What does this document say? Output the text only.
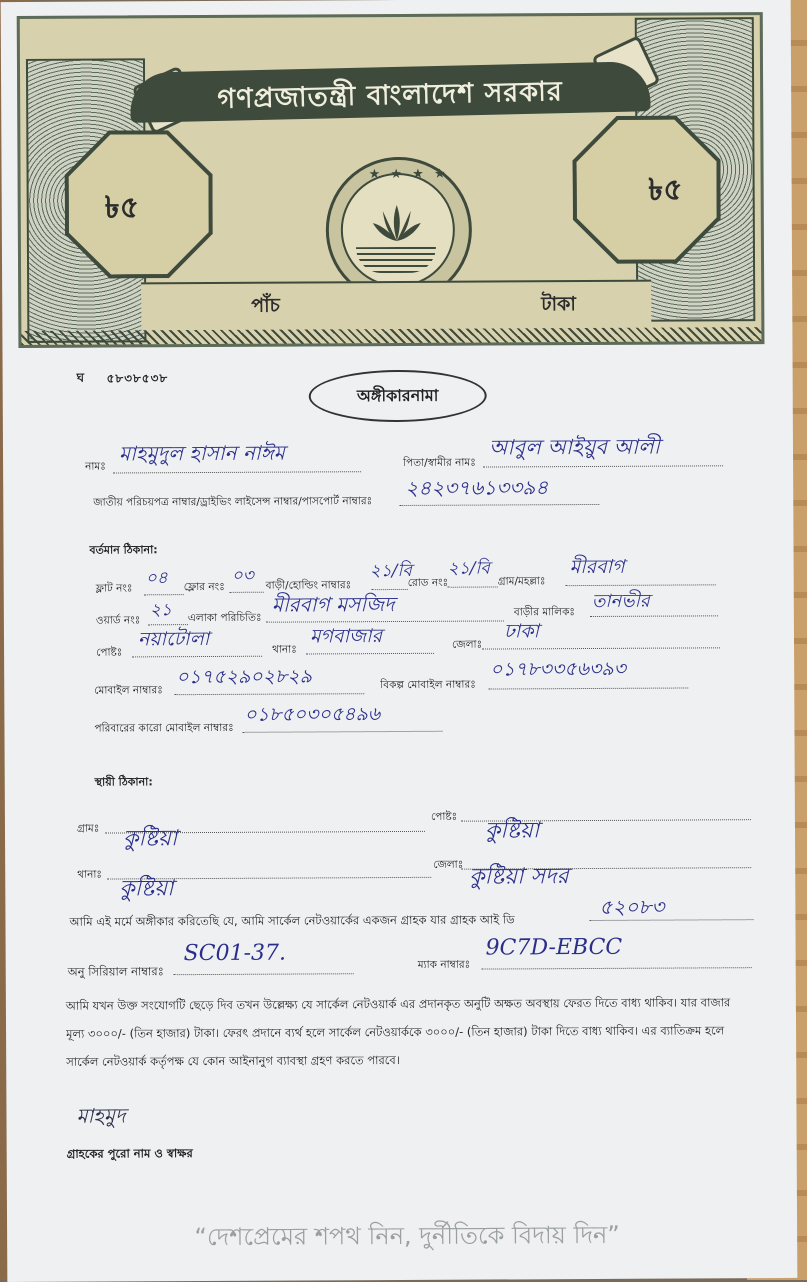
৳৫
৳৫
গণপ্রজাতন্ত্রী বাংলাদেশ সরকার
★ ★ ★ ★
পাঁচ	টাকা
ঘ ৫৮৩৮৫৩৮
অঙ্গীকারনামা
নামঃ
মাহমুদুল হাসান নাঈম	পিতা/স্বামীর নামঃ
আবুল আইয়ুব আলী
জাতীয় পরিচয়পত্র নাম্বার/ড্রাইভিং লাইসেন্স নাম্বার/পাসপোর্ট নাম্বারঃ
২৪২৩৭৬১৩৩৯৪
বর্তমান ঠিকানা:
ফ্লাট নংঃ
০৪ ফ্লোর নংঃ
০৩ বাড়ী/হোল্ডিং নাম্বারঃ
২১/বি
রোড নংঃ
২১/বি
গ্রাম/মহল্লাঃ
মীরবাগ
ওয়ার্ড নংঃ
২১ এলাকা পরিচিতিঃ
মীরবাগ মসজিদ	বাড়ীর মালিকঃ
তানভীর
পোষ্টঃ
নয়াটোলা	থানাঃ
মগবাজার	জেলাঃ
ঢাকা
মোবাইল নাম্বারঃ
০১৭৫২৯০২৮২৯	বিকল্প মোবাইল নাম্বারঃ
০১৭৮৩৩৫৬৩৯৩
পরিবারের কারো মোবাইল নাম্বারঃ
০১৮৫০৩০৫৪৯৬
স্থায়ী ঠিকানা:
গ্রামঃ কুষ্টিয়া
পোষ্টঃ
কুষ্টিয়া
থানাঃ
কুষ্টিয়া
জেলাঃ কুষ্টিয়া সদর
আমি এই মর্মে অঙ্গীকার করিতেছি যে, আমি সার্কেল নেটওয়ার্কের একজন গ্রাহক যার গ্রাহক আই ডি
৫২০৮৩
অনু সিরিয়াল নাম্বারঃ
SC01-37.	ম্যাক নাম্বারঃ
9C7D-EBCC
আমি যখন উক্ত সংযোগটি ছেড়ে দিব তখন উল্লেক্ষ্য যে সার্কেল নেটওয়ার্ক এর প্রদানকৃত অনুটি অক্ষত অবস্থায় ফেরত দিতে বাধ্য থাকিব। যার বাজার মূল্য ৩০০০/- (তিন হাজার) টাকা। ফেরৎ প্রদানে ব্যর্থ হলে সার্কেল নেটওয়ার্ককে ৩০০০/- (তিন হাজার) টাকা দিতে বাধ্য থাকিব। এর ব্যাতিক্রম হলে সার্কেল নেটওয়ার্ক কর্তৃপক্ষ যে কোন আইনানুগ ব্যাবস্থা গ্রহণ করতে পারবে।
মাহমুদ
গ্রাহকের পুরো নাম ও স্বাক্ষর
“দেশপ্রেমের শপথ নিন, দুর্নীতিকে বিদায় দিন”
